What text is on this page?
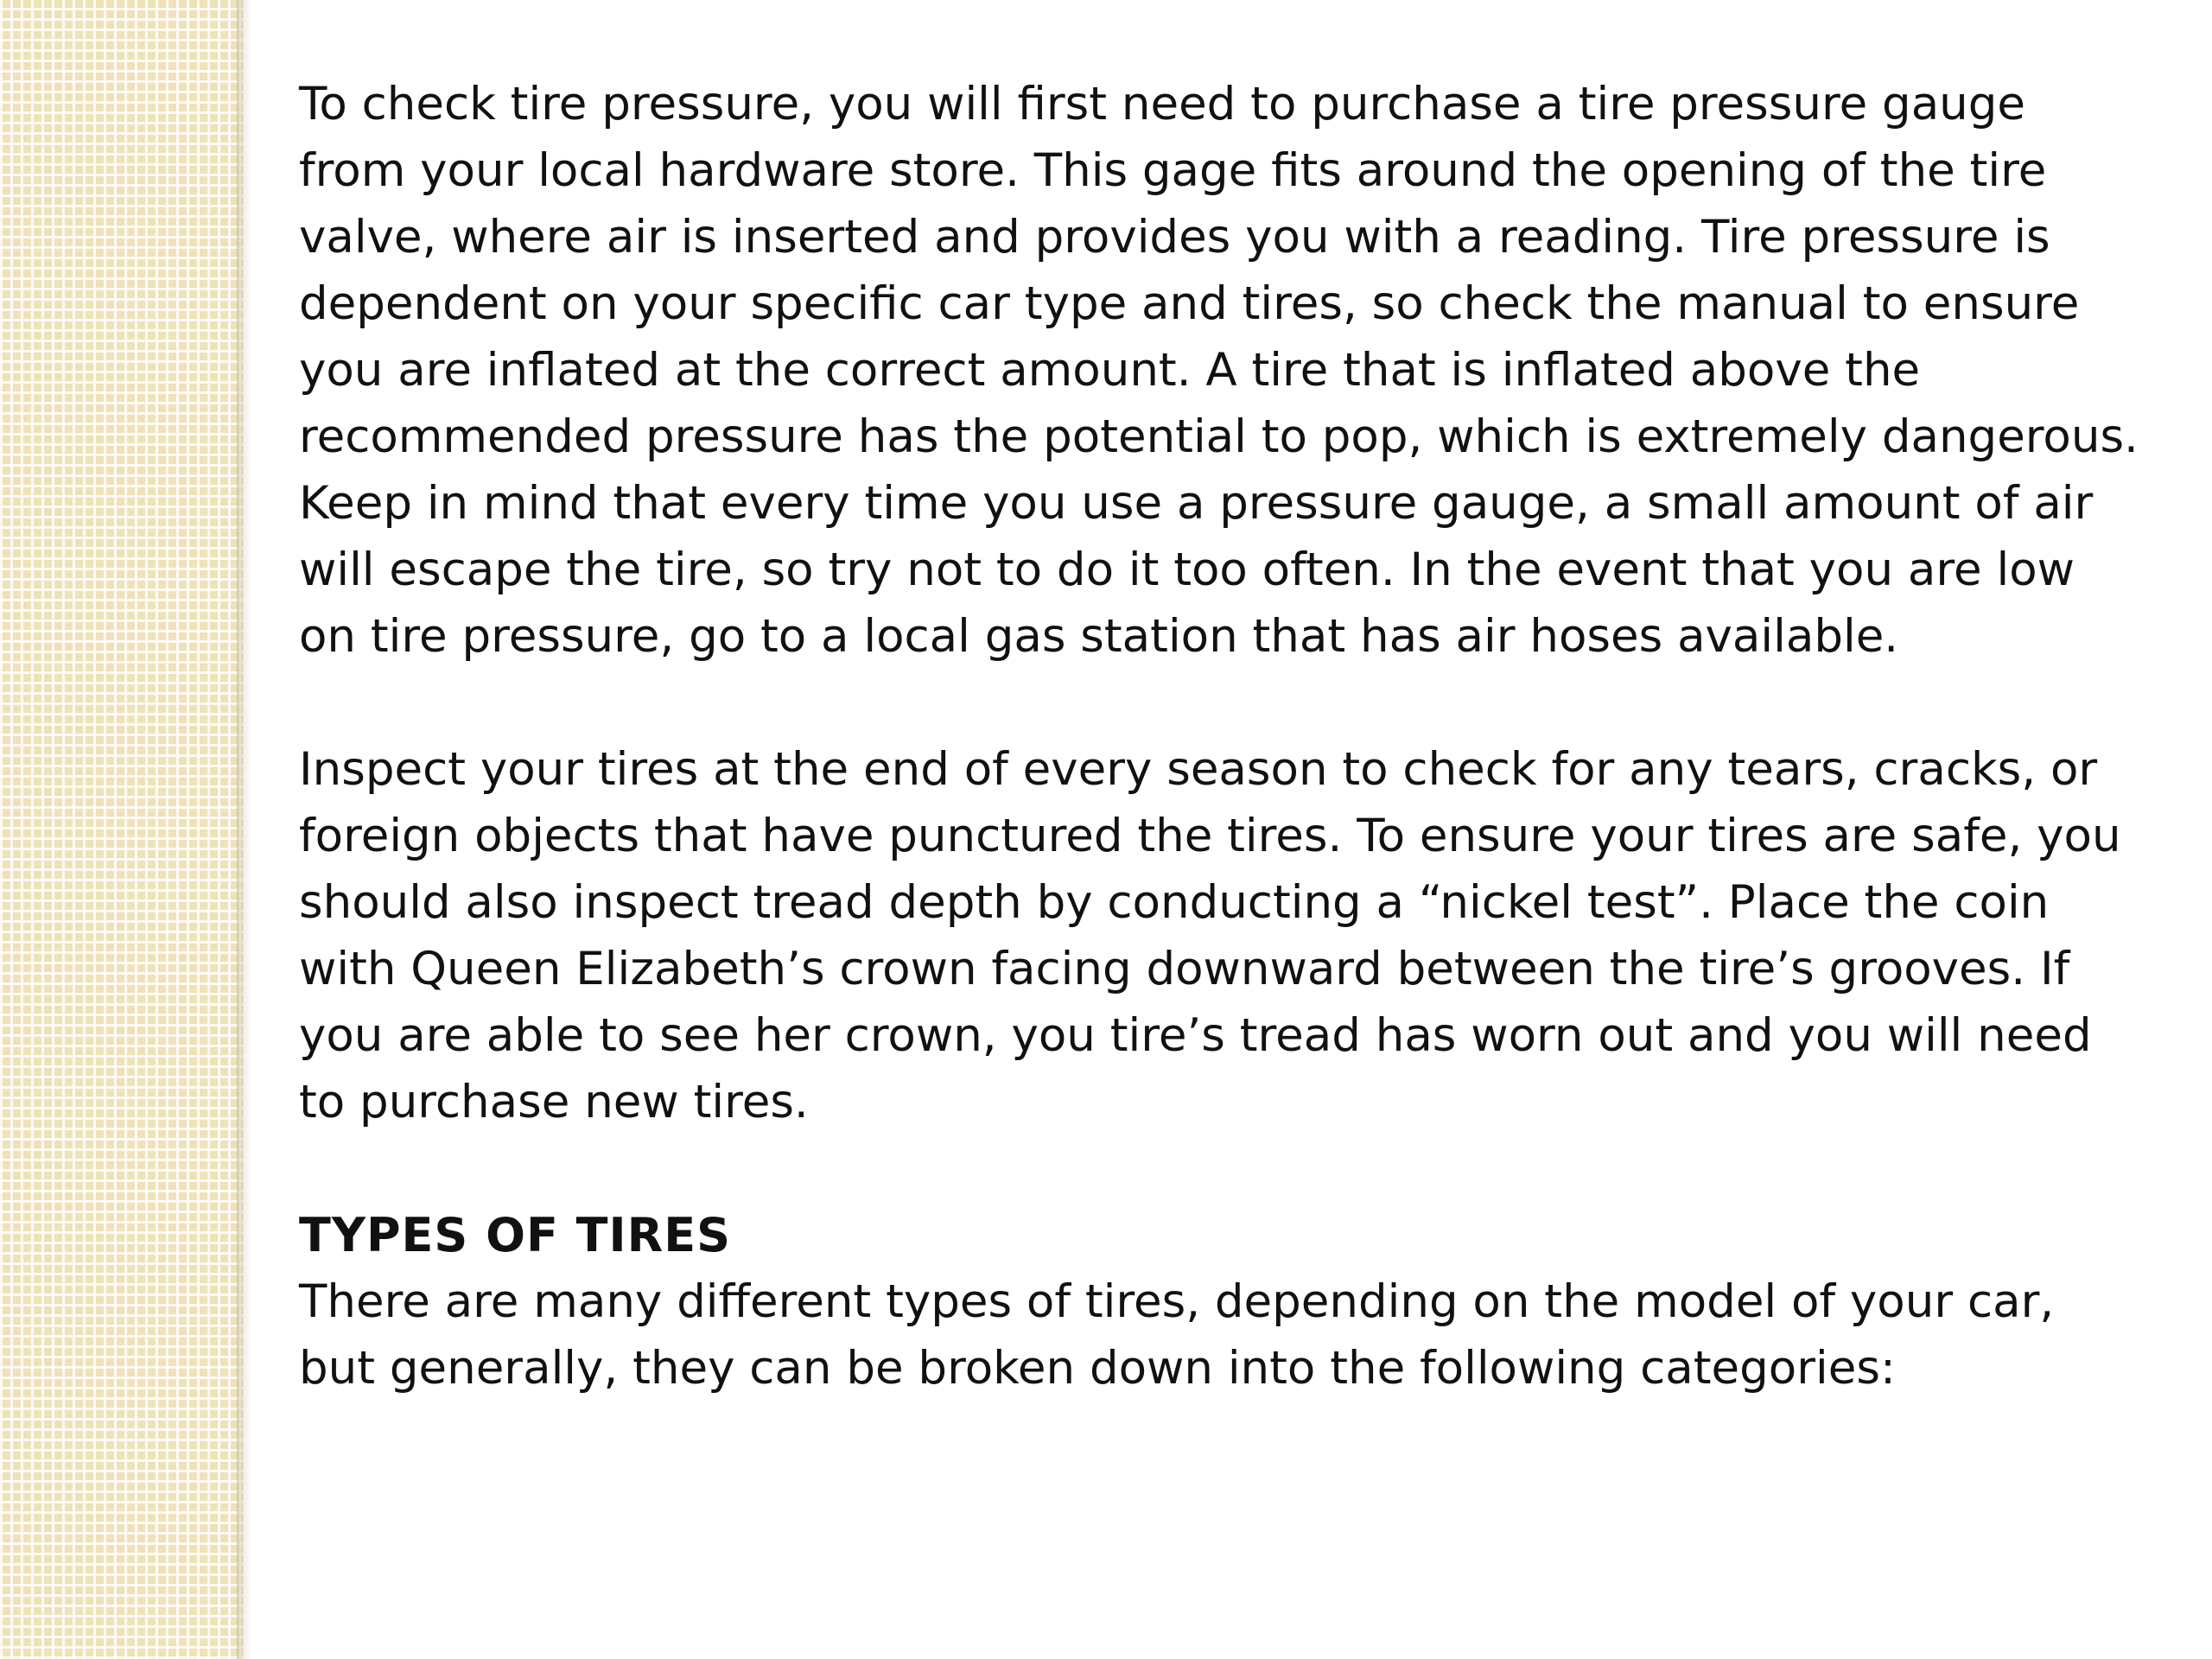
To check tire pressure, you will first need to purchase a tire pressure gauge from your local hardware store. This gage fits around the opening of the tire valve, where air is inserted and provides you with a reading. Tire pressure is dependent on your specific car type and tires, so check the manual to ensure you are inflated at the correct amount. A tire that is inflated above the recommended pressure has the potential to pop, which is extremely dangerous. Keep in mind that every time you use a pressure gauge, a small amount of air will escape the tire, so try not to do it too often. In the event that you are low on tire pressure, go to a local gas station that has air hoses available.

Inspect your tires at the end of every season to check for any tears, cracks, or foreign objects that have punctured the tires. To ensure your tires are safe, you should also inspect tread depth by conducting a “nickel test”. Place the coin with Queen Elizabeth’s crown facing downward between the tire’s grooves. If you are able to see her crown, you tire’s tread has worn out and you will need to purchase new tires.

TYPES OF TIRES

There are many different types of tires, depending on the model of your car, but generally, they can be broken down into the following categories:
